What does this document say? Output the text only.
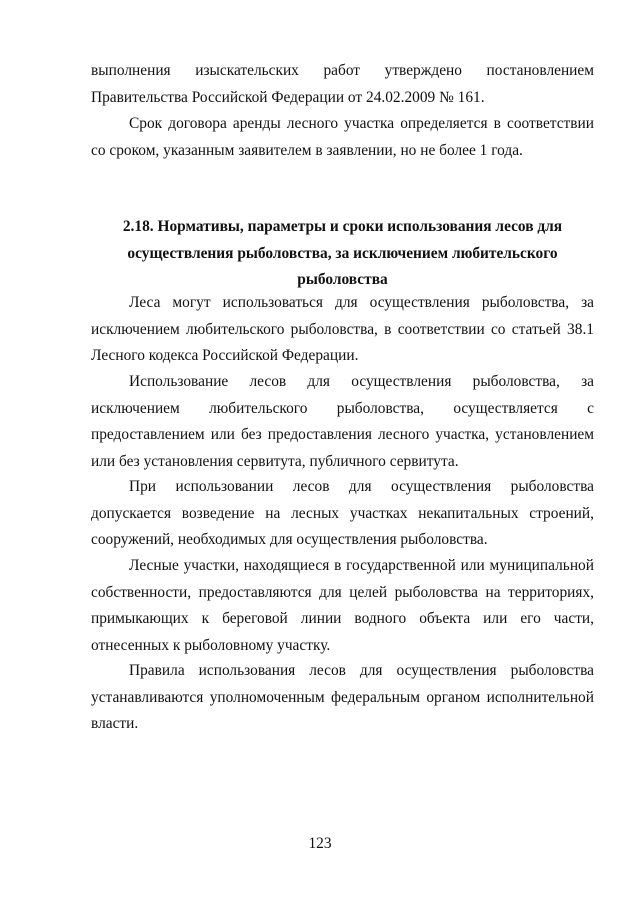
выполнения изыскательских работ утверждено постановлением Правительства Российской Федерации от 24.02.2009 № 161.

Срок договора аренды лесного участка определяется в соответствии со сроком, указанным заявителем в заявлении, но не более 1 года.

2.18. Нормативы, параметры и сроки использования лесов для осуществления рыболовства, за исключением любительского рыболовства

Леса могут использоваться для осуществления рыболовства, за исключением любительского рыболовства, в соответствии со статьей 38.1 Лесного кодекса Российской Федерации.

Использование лесов для осуществления рыболовства, за исключением любительского рыболовства, осуществляется с предоставлением или без предоставления лесного участка, установлением или без установления сервитута, публичного сервитута.

При использовании лесов для осуществления рыболовства допускается возведение на лесных участках некапитальных строений, сооружений, необходимых для осуществления рыболовства.

Лесные участки, находящиеся в государственной или муниципальной собственности, предоставляются для целей рыболовства на территориях, примыкающих к береговой линии водного объекта или его части, отнесенных к рыболовному участку.

Правила использования лесов для осуществления рыболовства устанавливаются уполномоченным федеральным органом исполнительной власти.

123
